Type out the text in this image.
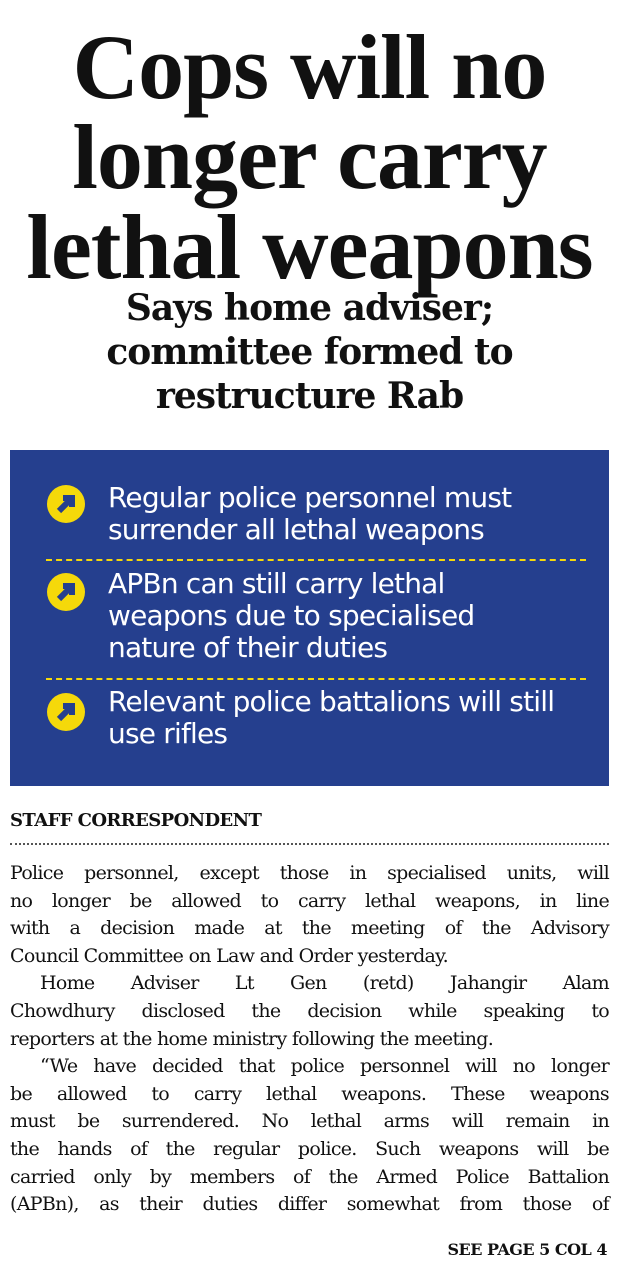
Cops will no
longer carry
lethal weapons
Says home adviser;
committee formed to
restructure Rab
Regular police personnel must
surrender all lethal weapons
APBn can still carry lethal
weapons due to specialised
nature of their duties
Relevant police battalions will still
use rifles
STAFF CORRESPONDENT
Police personnel, except those in specialised units, will
no longer be allowed to carry lethal weapons, in line
with a decision made at the meeting of the Advisory
Council Committee on Law and Order yesterday.
Home Adviser Lt Gen (retd) Jahangir Alam
Chowdhury disclosed the decision while speaking to
reporters at the home ministry following the meeting.
“We have decided that police personnel will no longer
be allowed to carry lethal weapons. These weapons
must be surrendered. No lethal arms will remain in
the hands of the regular police. Such weapons will be
carried only by members of the Armed Police Battalion
(APBn), as their duties differ somewhat from those of
SEE PAGE 5 COL 4
